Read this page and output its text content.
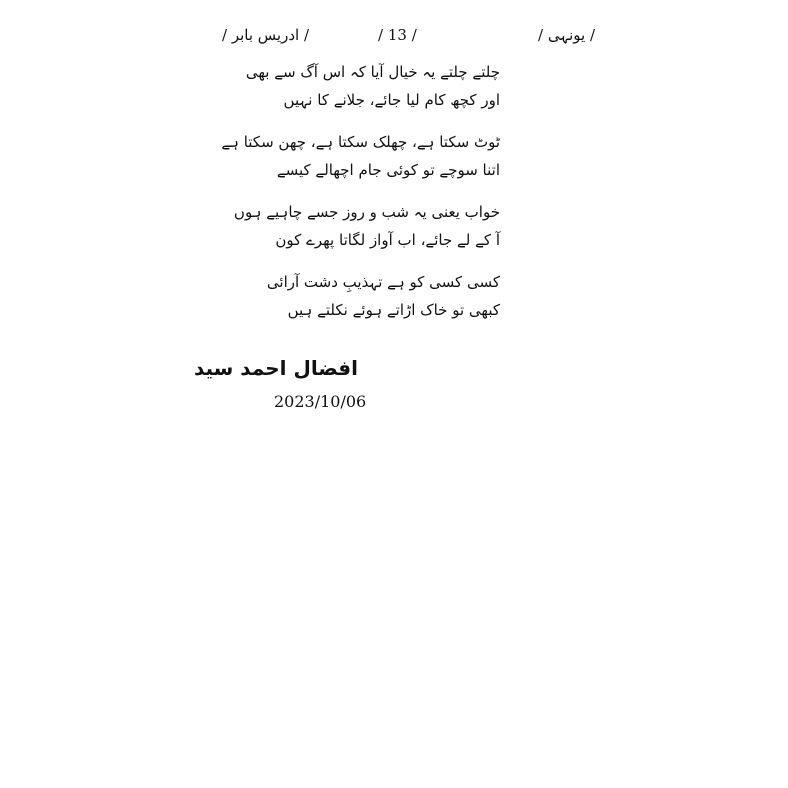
/ ادریس بابر /	/ 13 /	/ یونہی /
چلتے چلتے یہ خیال آیا کہ اس آگ سے بھی
اور کچھ کام لیا جائے، جلانے کا نہیں
ٹوٹ سکتا ہے، چھلک سکتا ہے، چھن سکتا ہے
اتنا سوچے تو کوئی جام اچھالے کیسے
خواب یعنی یہ شب و روز جسے چاہیے ہوں
آ کے لے جائے، اب آواز لگاتا پھرے کون
کسی کسی کو ہے تہذیبِ دشت آرائی
کبھی تو خاک اڑاتے ہوئے نکلتے ہیں
افضال احمد سید
2023/10/06
